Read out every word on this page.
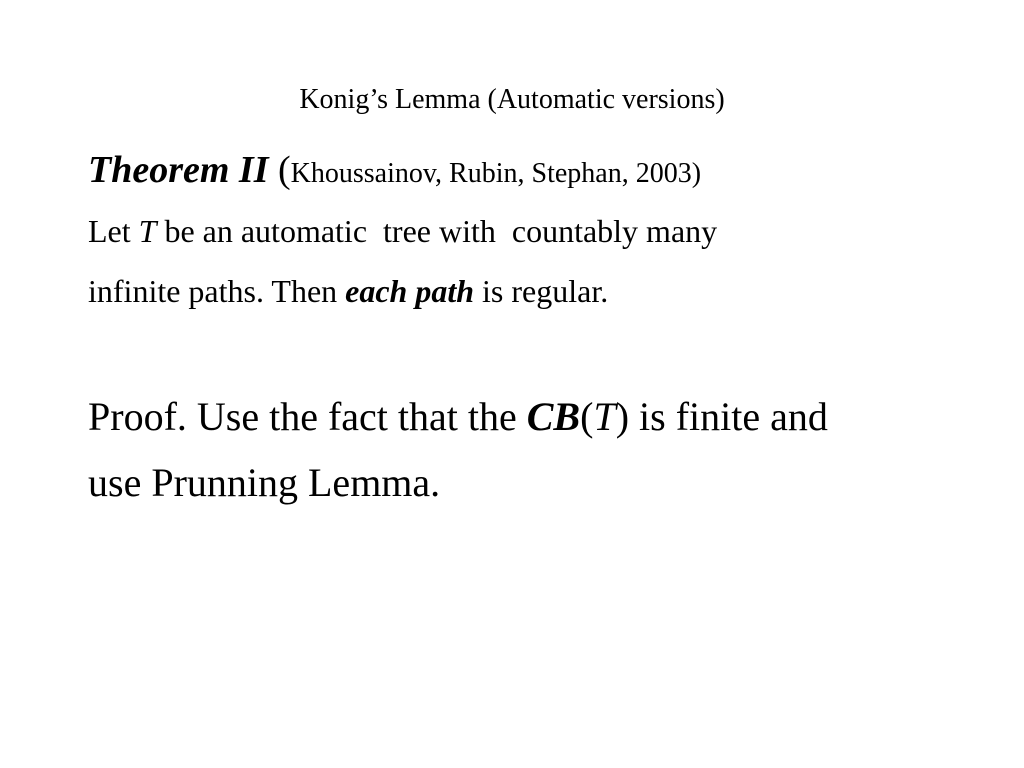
Konig’s Lemma (Automatic versions)
Theorem II (Khoussainov, Rubin, Stephan, 2003)
Let T be an automatic  tree with  countably many
infinite paths. Then each path is regular.
Proof. Use the fact that the CB(T) is finite and
use Prunning Lemma.
